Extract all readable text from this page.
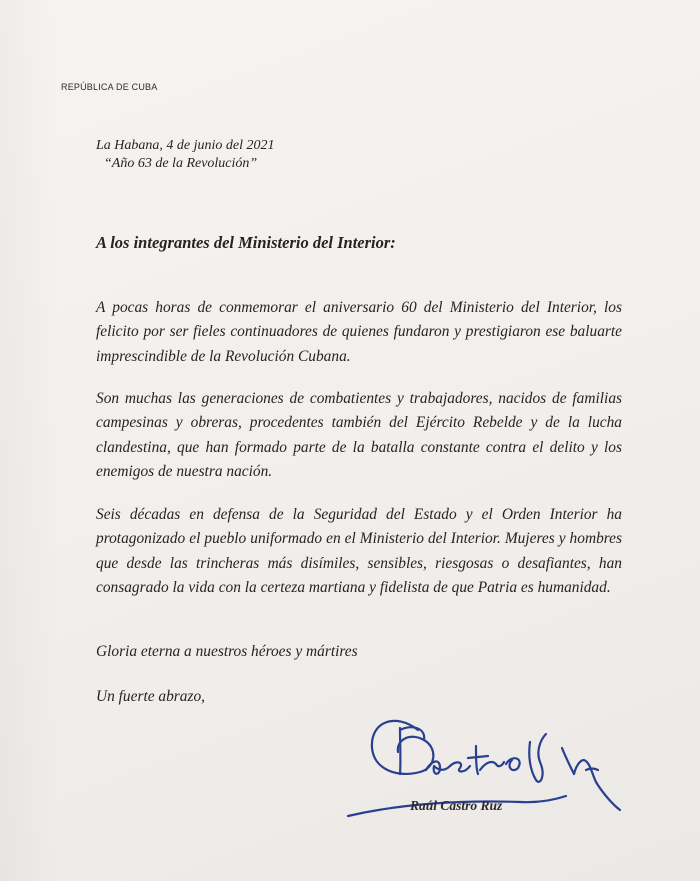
REPÚBLICA DE CUBA
La Habana, 4 de junio del 2021
“Año 63 de la Revolución”
A los integrantes del Ministerio del Interior:
A pocas horas de conmemorar el aniversario 60 del Ministerio del Interior, los felicito por ser fieles continuadores de quienes fundaron y prestigiaron ese baluarte imprescindible de la Revolución Cubana.
Son muchas las generaciones de combatientes y trabajadores, nacidos de familias campesinas y obreras, procedentes también del Ejército Rebelde y de la lucha clandestina, que han formado parte de la batalla constante contra el delito y los enemigos de nuestra nación.
Seis décadas en defensa de la Seguridad del Estado y el Orden Interior ha protagonizado el pueblo uniformado en el Ministerio del Interior. Mujeres y hombres que desde las trincheras más disímiles, sensibles, riesgosas o desafiantes, han consagrado la vida con la certeza martiana y fidelista de que Patria es humanidad.
Gloria eterna a nuestros héroes y mártires
Un fuerte abrazo,
Raúl Castro Ruz
